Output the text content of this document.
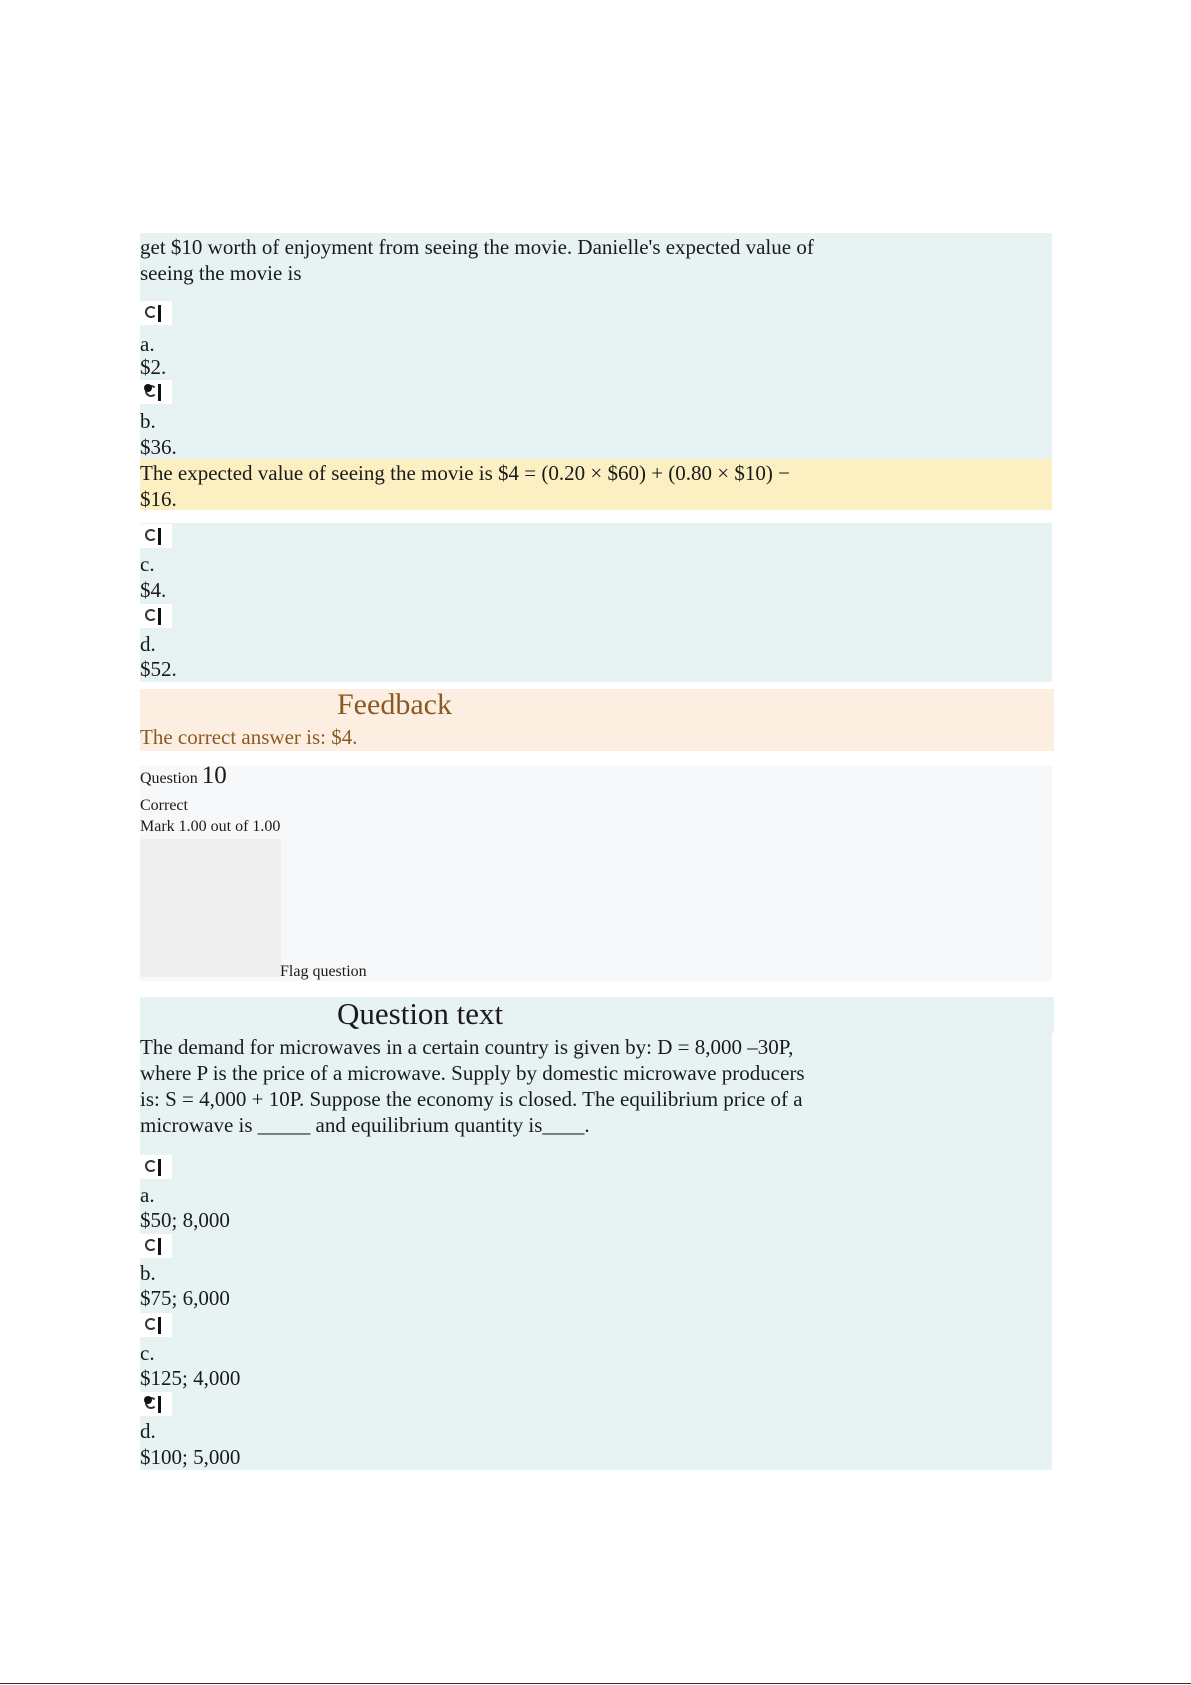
get $10 worth of enjoyment from seeing the movie. Danielle's expected value of
seeing the movie is
a.
$2.
b.
$36.
The expected value of seeing the movie is $4 = (0.20 × $60) + (0.80 × $10) −
$16.
c.
$4.
d.
$52.
Feedback
The correct answer is: $4.
Question 10
Correct
Mark 1.00 out of 1.00
Flag question
Question text
The demand for microwaves in a certain country is given by: D = 8,000 –30P,
where P is the price of a microwave. Supply by domestic microwave producers
is: S = 4,000 + 10P. Suppose the economy is closed. The equilibrium price of a
microwave is _____ and equilibrium quantity is____.
a.
$50; 8,000
b.
$75; 6,000
c.
$125; 4,000
d.
$100; 5,000
